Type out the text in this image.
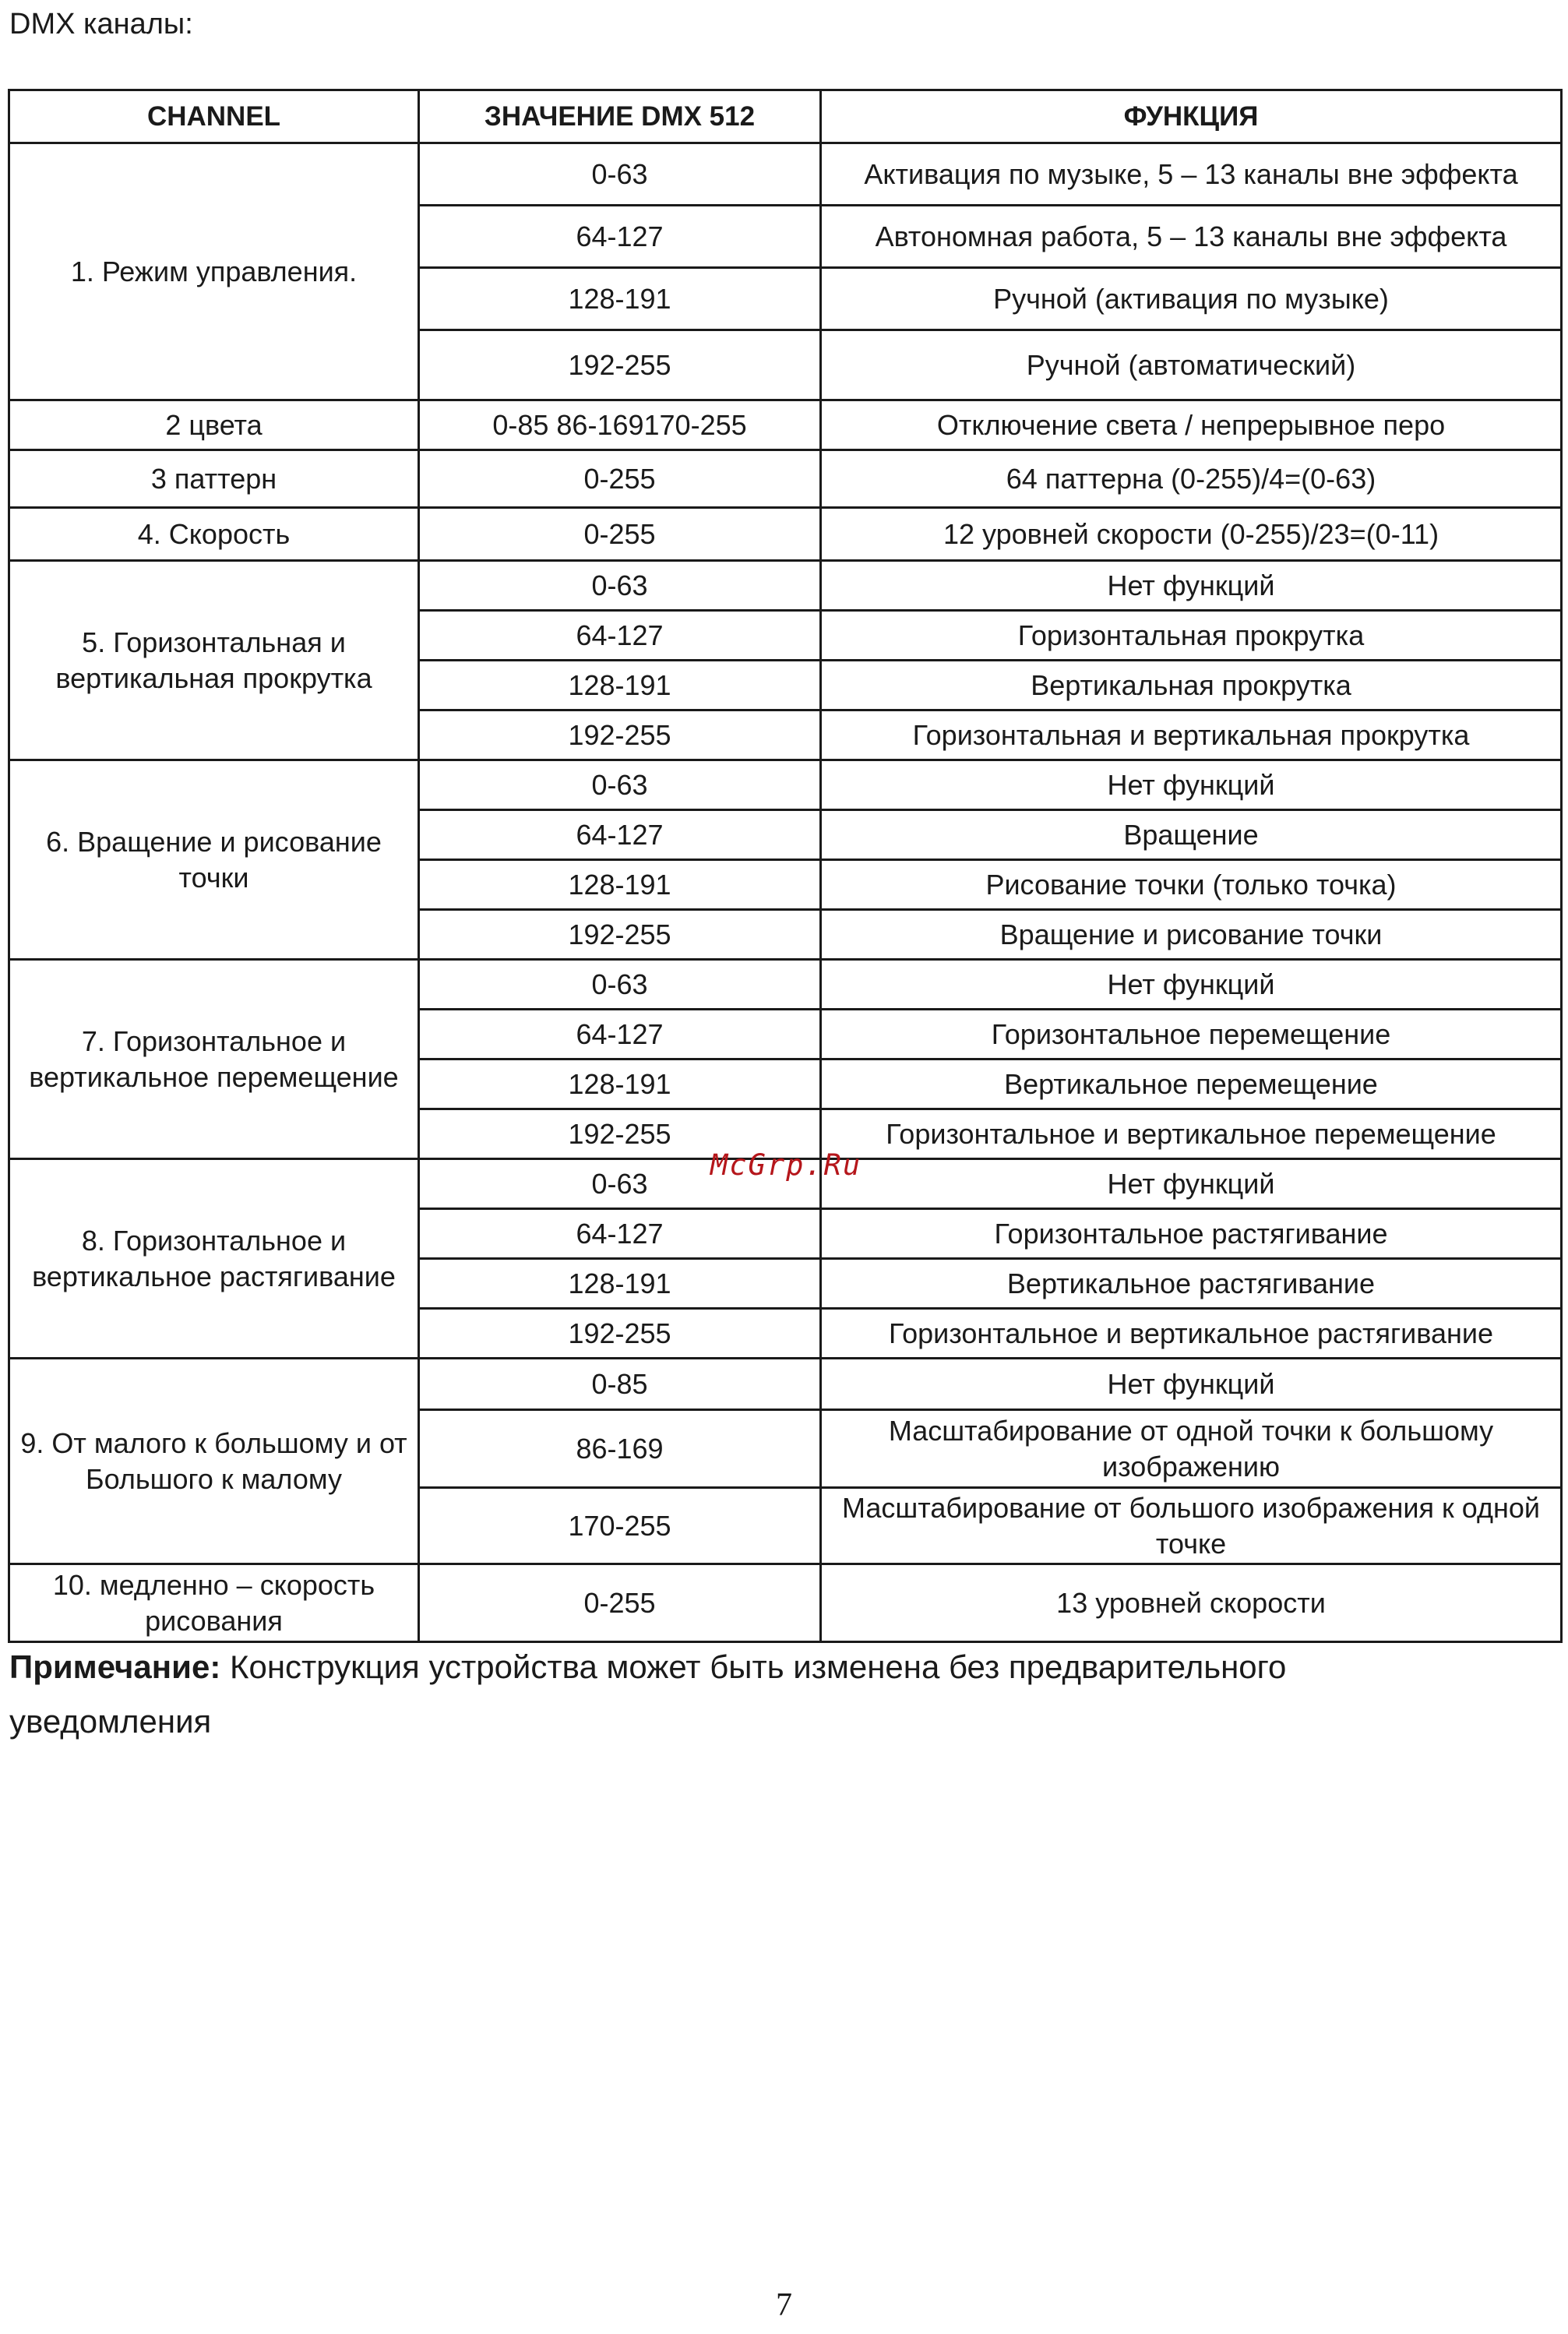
DMX каналы:
CHANNEL	ЗНАЧЕНИЕ DMX 512	ФУНКЦИЯ
1. Режим управления.	0-63	Активация по музыке, 5 – 13 каналы вне эффекта
	64-127	Автономная работа, 5 – 13 каналы вне эффекта
	128-191	Ручной (активация по музыке)
	192-255	Ручной (автоматический)
2 цвета	0-85 86-169170-255	Отключение света / непрерывное перо
3 паттерн	0-255	64 паттерна (0-255)/4=(0-63)
4. Скорость	0-255	12 уровней скорости (0-255)/23=(0-11)
5. Горизонтальная и вертикальная прокрутка	0-63	Нет функций
	64-127	Горизонтальная прокрутка
	128-191	Вертикальная прокрутка
	192-255	Горизонтальная и вертикальная прокрутка
6. Вращение и рисование точки	0-63	Нет функций
	64-127	Вращение
	128-191	Рисование точки (только точка)
	192-255	Вращение и рисование точки
7. Горизонтальное и вертикальное перемещение	0-63	Нет функций
	64-127	Горизонтальное перемещение
	128-191	Вертикальное перемещение
	192-255	Горизонтальное и вертикальное перемещение
8. Горизонтальное и вертикальное растягивание	0-63	Нет функций
	64-127	Горизонтальное растягивание
	128-191	Вертикальное растягивание
	192-255	Горизонтальное и вертикальное растягивание
9. От малого к большому и от Большого к малому	0-85	Нет функций
	86-169	Масштабирование от одной точки к большому изображению
	170-255	Масштабирование от большого изображения к одной точке
10. медленно – скорость рисования	0-255	13 уровней скорости
McGrp.Ru
Примечание: Конструкция устройства может быть изменена без предварительного уведомления
7
